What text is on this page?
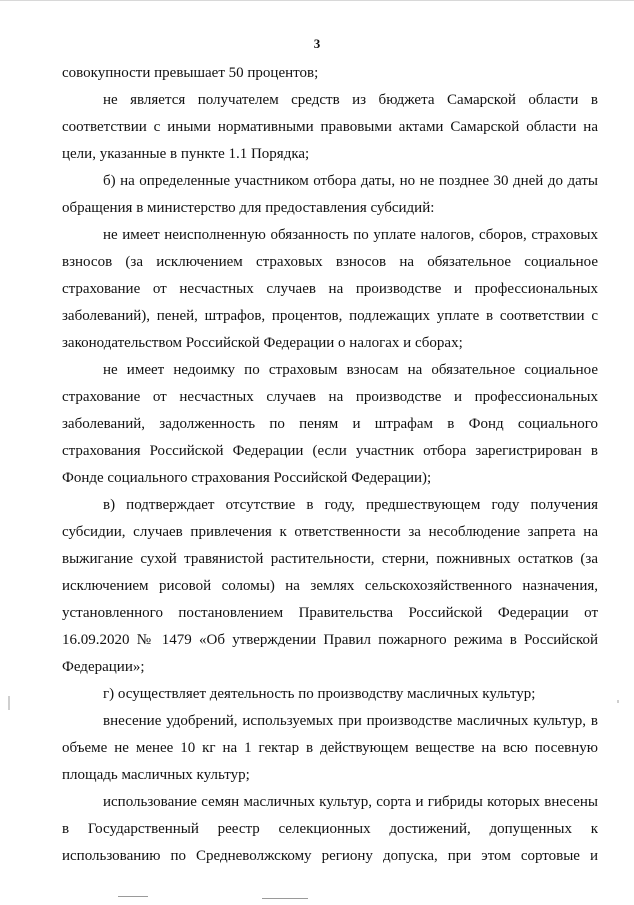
3
совокупности превышает 50 процентов;
не является получателем средств из бюджета Самарской области в
соответствии с иными нормативными правовыми актами Самарской области на
цели, указанные в пункте 1.1 Порядка;
б) на определенные участником отбора даты, но не позднее 30 дней до даты
обращения в министерство для предоставления субсидий:
не имеет неисполненную обязанность по уплате налогов, сборов, страховых
взносов (за исключением страховых взносов на обязательное социальное
страхование от несчастных случаев на производстве и профессиональных
заболеваний), пеней, штрафов, процентов, подлежащих уплате в соответствии с
законодательством Российской Федерации о налогах и сборах;
не имеет недоимку по страховым взносам на обязательное социальное
страхование от несчастных случаев на производстве и профессиональных
заболеваний, задолженность по пеням и штрафам в Фонд социального
страхования Российской Федерации (если участник отбора зарегистрирован в
Фонде социального страхования Российской Федерации);
в) подтверждает отсутствие в году, предшествующем году получения
субсидии, случаев привлечения к ответственности за несоблюдение запрета на
выжигание сухой травянистой растительности, стерни, пожнивных остатков (за
исключением рисовой соломы) на землях сельскохозяйственного назначения,
установленного постановлением Правительства Российской Федерации от
16.09.2020 № 1479 «Об утверждении Правил пожарного режима в Российской
Федерации»;
г) осуществляет деятельность по производству масличных культур;
внесение удобрений, используемых при производстве масличных культур, в
объеме не менее 10 кг на 1 гектар в действующем веществе на всю посевную
площадь масличных культур;
использование семян масличных культур, сорта и гибриды которых внесены
в Государственный реестр селекционных достижений, допущенных к
использованию по Средневолжскому региону допуска, при этом сортовые и
